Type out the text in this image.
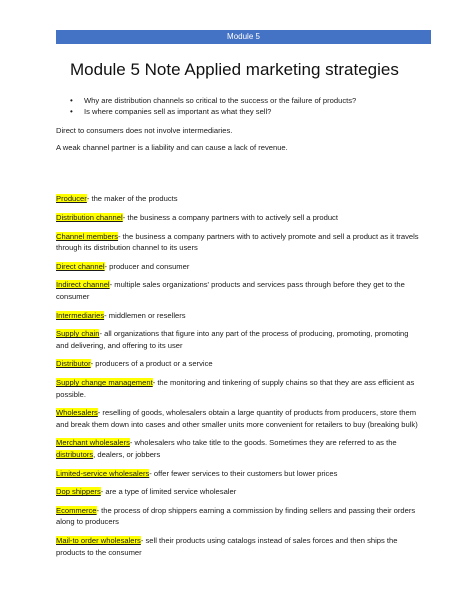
Module 5
Module 5 Note Applied marketing strategies
• Why are distribution channels so critical to the success or the failure of products?
• Is where companies sell as important as what they sell?
Direct to consumers does not involve intermediaries.
A weak channel partner is a liability and can cause a lack of revenue.

Producer- the maker of the products

Distribution channel- the business a company partners with to actively sell a product

Channel members- the business a company partners with to actively promote and sell a product as it travels through its distribution channel to its users

Direct channel- producer and consumer

Indirect channel- multiple sales organizations' products and services pass through before they get to the consumer

Intermediaries- middlemen or resellers

Supply chain- all organizations that figure into any part of the process of producing, promoting, promoting and delivering, and offering to its user

Distributor- producers of a product or a service

Supply change management- the monitoring and tinkering of supply chains so that they are ass efficient as possible.

Wholesalers- reselling of goods, wholesalers obtain a large quantity of products from producers, store them and break them down into cases and other smaller units more convenient for retailers to buy (breaking bulk)

Merchant wholesalers- wholesalers who take title to the goods. Sometimes they are referred to as the distributors, dealers, or jobbers

Limited-service wholesalers- offer fewer services to their customers but lower prices

Dop shippers- are a type of limited service wholesaler

Ecommerce- the process of drop shippers earning a commission by finding sellers and passing their orders along to producers

Mail-to order wholesalers- sell their products using catalogs instead of sales forces and then ships the products to the consumer
